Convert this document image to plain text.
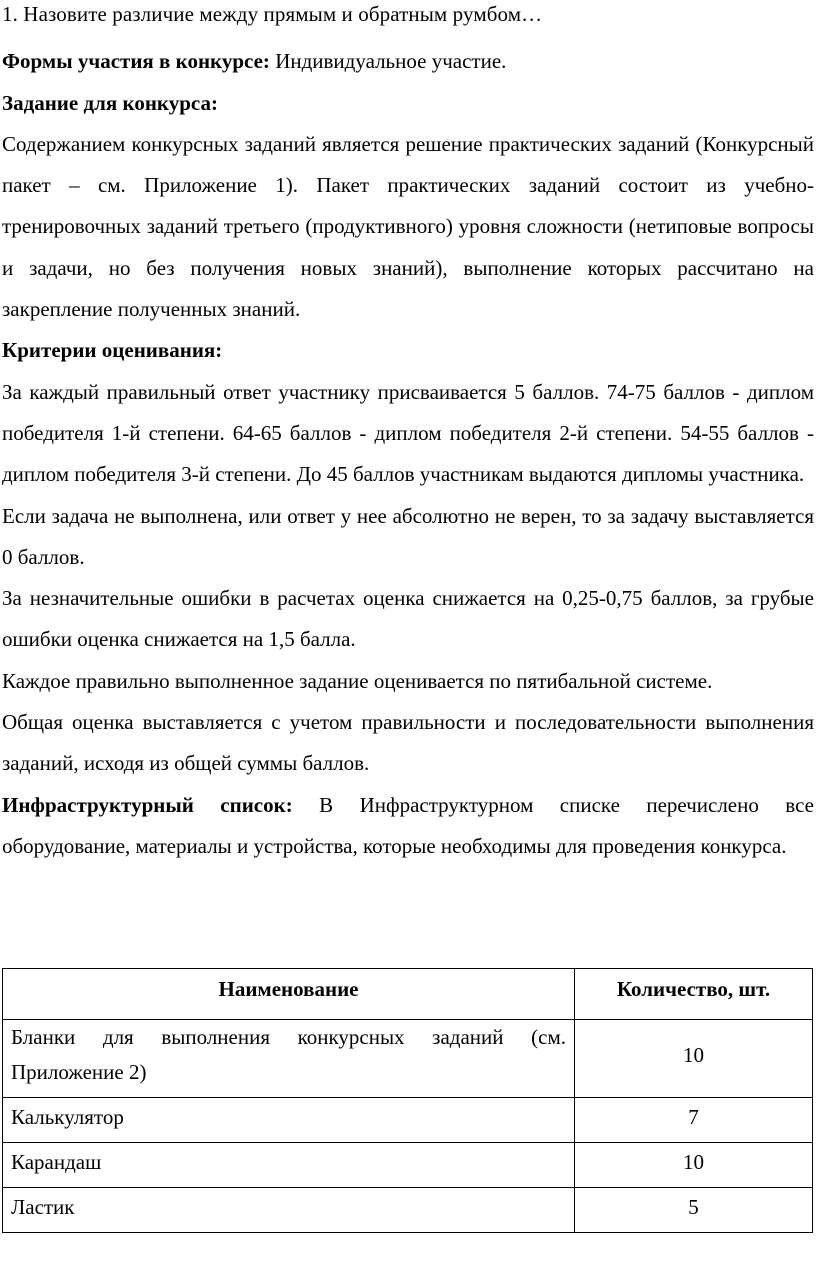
1. Назовите различие между прямым и обратным румбом…

Формы участия в конкурсе: Индивидуальное участие.

Задание для конкурса:

Содержанием конкурсных заданий является решение практических заданий (Конкурсный пакет – см. Приложение 1). Пакет практических заданий состоит из учебно-тренировочных заданий третьего (продуктивного) уровня сложности (нетиповые вопросы и задачи, но без получения новых знаний), выполнение которых рассчитано на закрепление полученных знаний.

Критерии оценивания:

За каждый правильный ответ участнику присваивается 5 баллов. 74-75 баллов - диплом победителя 1-й степени. 64-65 баллов - диплом победителя 2-й степени. 54-55 баллов - диплом победителя 3-й степени. До 45 баллов участникам выдаются дипломы участника.

Если задача не выполнена, или ответ у нее абсолютно не верен, то за задачу выставляется 0 баллов.

За незначительные ошибки в расчетах оценка снижается на 0,25-0,75 баллов, за грубые ошибки оценка снижается на 1,5 балла.

Каждое правильно выполненное задание оценивается по пятибальной системе.

Общая оценка выставляется с учетом правильности и последовательности выполнения заданий, исходя из общей суммы баллов.

Инфраструктурный список: В Инфраструктурном списке перечислено все оборудование, материалы и устройства, которые необходимы для проведения конкурса.

Наименование	Количество, шт.
Бланки для выполнения конкурсных заданий (см. Приложение 2)	10
Калькулятор	7
Карандаш	10
Ластик	5
